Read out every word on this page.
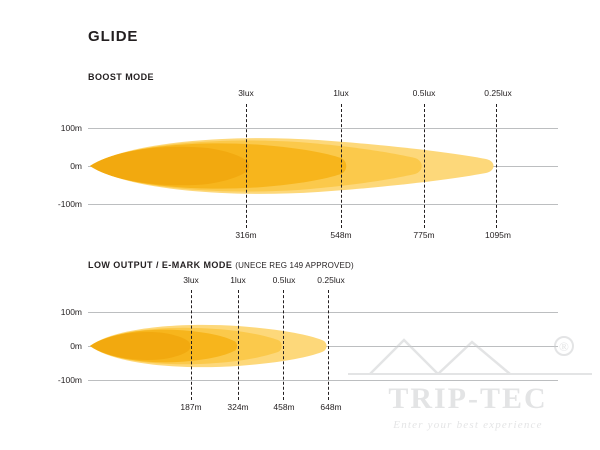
GLIDE
BOOST MODE
3lux	1lux	0.5lux	0.25lux
316m	548m	775m	1095m
100m
0m
-100m
LOW OUTPUT / E-MARK MODE (UNECE REG 149 APPROVED)
3lux	1lux	0.5lux	0.25lux
187m	324m	458m	648m
100m
0m
-100m
®
TRIP-TEC
Enter your best experience
